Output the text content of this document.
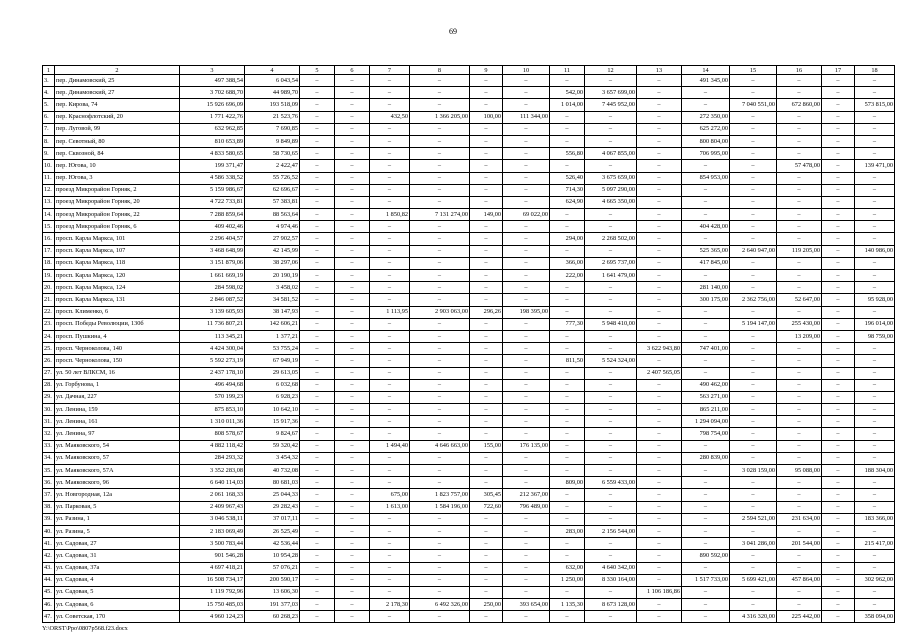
69
1	2	3	4	5	6	7	8	9	10	11	12	13	14	15	16	17	18
3.	пер. Динамовский, 25	497 388,54	6 043,54	–	–	–	–	–	–	–	–	–	491 345,00	–	–	–	–
4.	пер. Динамовский, 27	3 702 688,70	44 989,70	–	–	–	–	–	–	542,00	3 657 699,00	–	–	–	–	–	–
5.	пер. Кирова, 74	15 926 696,09	193 518,09	–	–	–	–	–	–	1 014,00	7 445 952,00	–	–	7 040 551,00	672 860,00	–	573 815,00
6.	пер. Краснофлотский, 20	1 771 422,76	21 523,76	–	–	432,50	1 366 205,00	100,00	111 344,00	–	–	–	272 350,00	–	–	–	–
7.	пер. Луговой, 99	632 962,85	7 690,85	–	–	–	–	–	–	–	–	–	625 272,00	–	–	–	–
8.	пер. Севотный, 80	810 653,89	9 849,89	–	–	–	–	–	–	–	–	–	800 804,00	–	–	–	–
9.	пер. Сквозной, 84	4 833 580,65	58 730,65	–	–	–	–	–	–	556,80	4 067 855,00	–	706 995,00	–	–	–	–
10.	пер. Югова, 10	199 371,47	2 422,47	–	–	–	–	–	–	–	–	–	–	–	57 478,00	–	139 471,00
11.	пер. Югова, 3	4 586 338,52	55 726,52	–	–	–	–	–	–	526,40	3 675 659,00	–	854 953,00	–	–	–	–
12.	проезд Микрорайон Горняк, 2	5 159 986,67	62 696,67	–	–	–	–	–	–	714,30	5 097 290,00	–	–	–	–	–	–
13.	проезд Микрорайон Горняк, 20	4 722 733,81	57 383,81	–	–	–	–	–	–	624,90	4 665 350,00	–	–	–	–	–	–
14.	проезд Микрорайон Горняк, 22	7 288 859,64	88 563,64	–	–	1 850,82	7 131 274,00	149,00	69 022,00	–	–	–	–	–	–	–	–
15.	проезд Микрорайон Горняк, 6	409 402,46	4 974,46	–	–	–	–	–	–	–	–	–	404 428,00	–	–	–	–
16.	просп. Карла Маркса, 101	2 296 404,57	27 902,57	–	–	–	–	–	–	294,00	2 268 502,00	–	–	–	–	–	–
17.	просп. Карла Маркса, 107	3 468 648,99	42 145,99	–	–	–	–	–	–	–	–	–	525 365,00	2 640 947,00	119 205,00	–	140 986,00
18.	просп. Карла Маркса, 118	3 151 879,06	38 297,06	–	–	–	–	–	–	366,00	2 695 737,00	–	417 845,00	–	–	–	–
19.	просп. Карла Маркса, 120	1 661 669,19	20 190,19	–	–	–	–	–	–	222,00	1 641 479,00	–	–	–	–	–	–
20.	просп. Карла Маркса, 124	284 598,02	3 458,02	–	–	–	–	–	–	–	–	–	281 140,00	–	–	–	–
21.	просп. Карла Маркса, 131	2 846 087,52	34 581,52	–	–	–	–	–	–	–	–	–	300 175,00	2 362 756,00	52 647,00	–	95 928,00
22.	просп. Клименко, 6	3 139 605,93	38 147,93	–	–	1 113,95	2 903 063,00	296,26	198 395,00	–	–	–	–	–	–	–	–
23.	просп. Победы Революции, 130б	11 736 807,21	142 606,21	–	–	–	–	–	–	777,30	5 948 410,00	–	–	5 194 147,00	255 430,00	–	196 014,00
24.	просп. Пушкина, 4	113 345,21	1 377,21	–	–	–	–	–	–	–	–	–	–	–	13 209,00	–	98 759,00
25.	просп. Черноколова, 140	4 424 300,04	53 755,24	–	–	–	–	–	–	–	–	3 622 943,80	747 401,00	–	–	–	–
26.	просп. Черноколова, 150	5 592 273,19	67 949,19	–	–	–	–	–	–	811,50	5 524 324,00	–	–	–	–	–	–
27.	ул. 50 лет ВЛКСМ, 16	2 437 178,10	29 613,05	–	–	–	–	–	–	–	–	2 407 565,05	–	–	–	–	–
28.	ул. Горбунова, 1	496 494,68	6 032,68	–	–	–	–	–	–	–	–	–	490 462,00	–	–	–	–
29.	ул. Дачная, 227	570 199,23	6 928,23	–	–	–	–	–	–	–	–	–	563 271,00	–	–	–	–
30.	ул. Ленина, 159	875 853,10	10 642,10	–	–	–	–	–	–	–	–	–	865 211,00	–	–	–	–
31.	ул. Ленина, 161	1 310 011,36	15 917,36	–	–	–	–	–	–	–	–	–	1 294 094,00	–	–	–	–
32.	ул. Ленина, 97	808 578,67	9 824,67	–	–	–	–	–	–	–	–	–	798 754,00	–	–	–	–
33.	ул. Маяковского, 54	4 882 118,42	59 320,42	–	–	1 494,40	4 646 663,00	155,00	176 135,00	–	–	–	–	–	–	–	–
34.	ул. Маяковского, 57	284 293,32	3 454,32	–	–	–	–	–	–	–	–	–	280 839,00	–	–	–	–
35.	ул. Маяковского, 57А	3 352 283,08	40 732,08	–	–	–	–	–	–	–	–	–	–	3 028 159,00	95 088,00	–	188 304,00
36.	ул. Маяковского, 96	6 640 114,03	80 681,03	–	–	–	–	–	–	809,00	6 559 433,00	–	–	–	–	–	–
37.	ул. Новгородная, 12а	2 061 168,33	25 044,33	–	–	675,00	1 823 757,00	305,45	212 367,00	–	–	–	–	–	–	–	–
38.	ул. Парковая, 5	2 409 967,43	29 282,43	–	–	1 613,00	1 584 196,00	722,60	796 489,00	–	–	–	–	–	–	–	–
39.	ул. Разина, 1	3 046 538,11	37 017,11	–	–	–	–	–	–	–	–	–	–	2 594 521,00	231 634,00	–	183 366,00
40.	ул. Разина, 5	2 183 069,49	26 525,49	–	–	–	–	–	–	283,00	2 156 544,00	–	–	–	–	–	–
41.	ул. Садовая, 27	3 500 783,44	42 536,44	–	–	–	–	–	–	–	–	–	–	3 041 286,00	201 544,00	–	215 417,00
42.	ул. Садовая, 31	901 546,28	10 954,28	–	–	–	–	–	–	–	–	–	890 592,00	–	–	–	–
43.	ул. Садовая, 37а	4 697 418,21	57 076,21	–	–	–	–	–	–	632,00	4 640 342,00	–	–	–	–	–	–
44.	ул. Садовая, 4	16 508 734,17	200 590,17	–	–	–	–	–	–	1 250,00	8 330 164,00	–	1 517 733,00	5 699 421,00	457 864,00	–	302 962,00
45.	ул. Садовая, 5	1 119 792,96	13 606,30	–	–	–	–	–	–	–	–	1 106 186,86	–	–	–	–	–
46.	ул. Садовая, 6	15 750 485,03	191 377,03	–	–	2 178,30	6 492 326,00	250,00	393 654,00	1 135,30	8 673 128,00	–	–	–	–	–	–
47.	ул. Советская, 170	4 960 124,23	60 268,23	–	–	–	–	–	–	–	–	–	–	4 316 320,00	225 442,00	–	358 094,00
Y:\ORST\Ppo\0807p568.f23.docx
